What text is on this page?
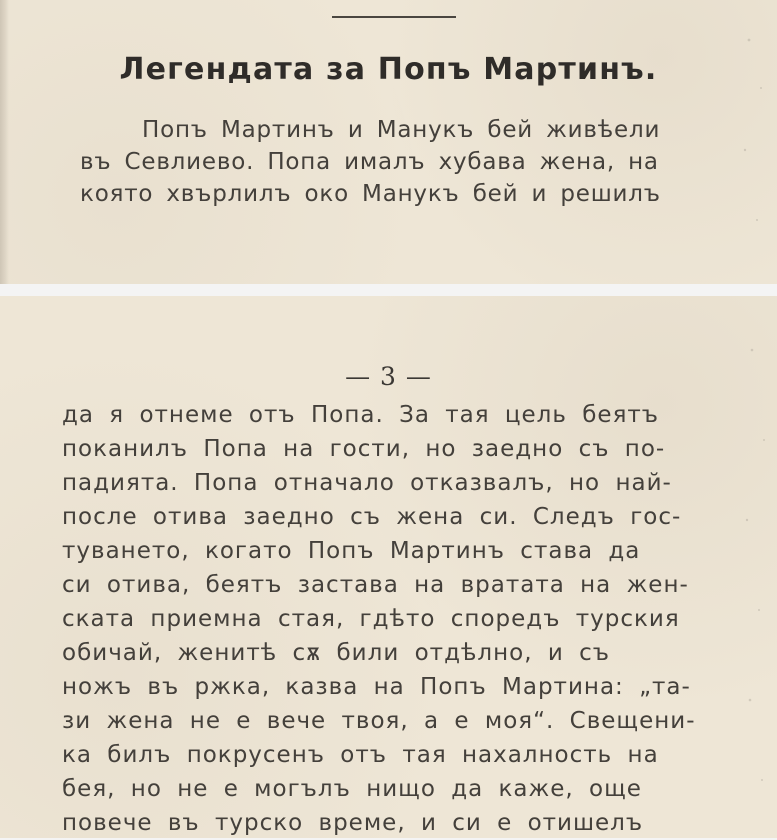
Легендата за Попъ Мартинъ.
Попъ Мартинъ и Манукъ бей живѣели
въ Севлиево. Попа ималъ хубава жена, на
която хвърлилъ око Манукъ бей и решилъ
— 3 —
да я отнеме отъ Попа. За тая цель беятъ
поканилъ Попа на гости, но заедно съ по-
падията. Попа отначало отказвалъ, но най-
после отива заедно съ жена си. Следъ гос-
туването, когато Попъ Мартинъ става да
си отива, беятъ застава на вратата на жен-
ската приемна стая, гдѣто споредъ турския
обичай, женитѣ сѫ били отдѣлно, и съ
ножъ въ ржка, казва на Попъ Мартина: „та-
зи жена не е вече твоя, а е моя“. Свещени-
ка билъ покрусенъ отъ тая нахалность на
бея, но не е могълъ нищо да каже, още
повече въ турско време, и си е отишелъ
